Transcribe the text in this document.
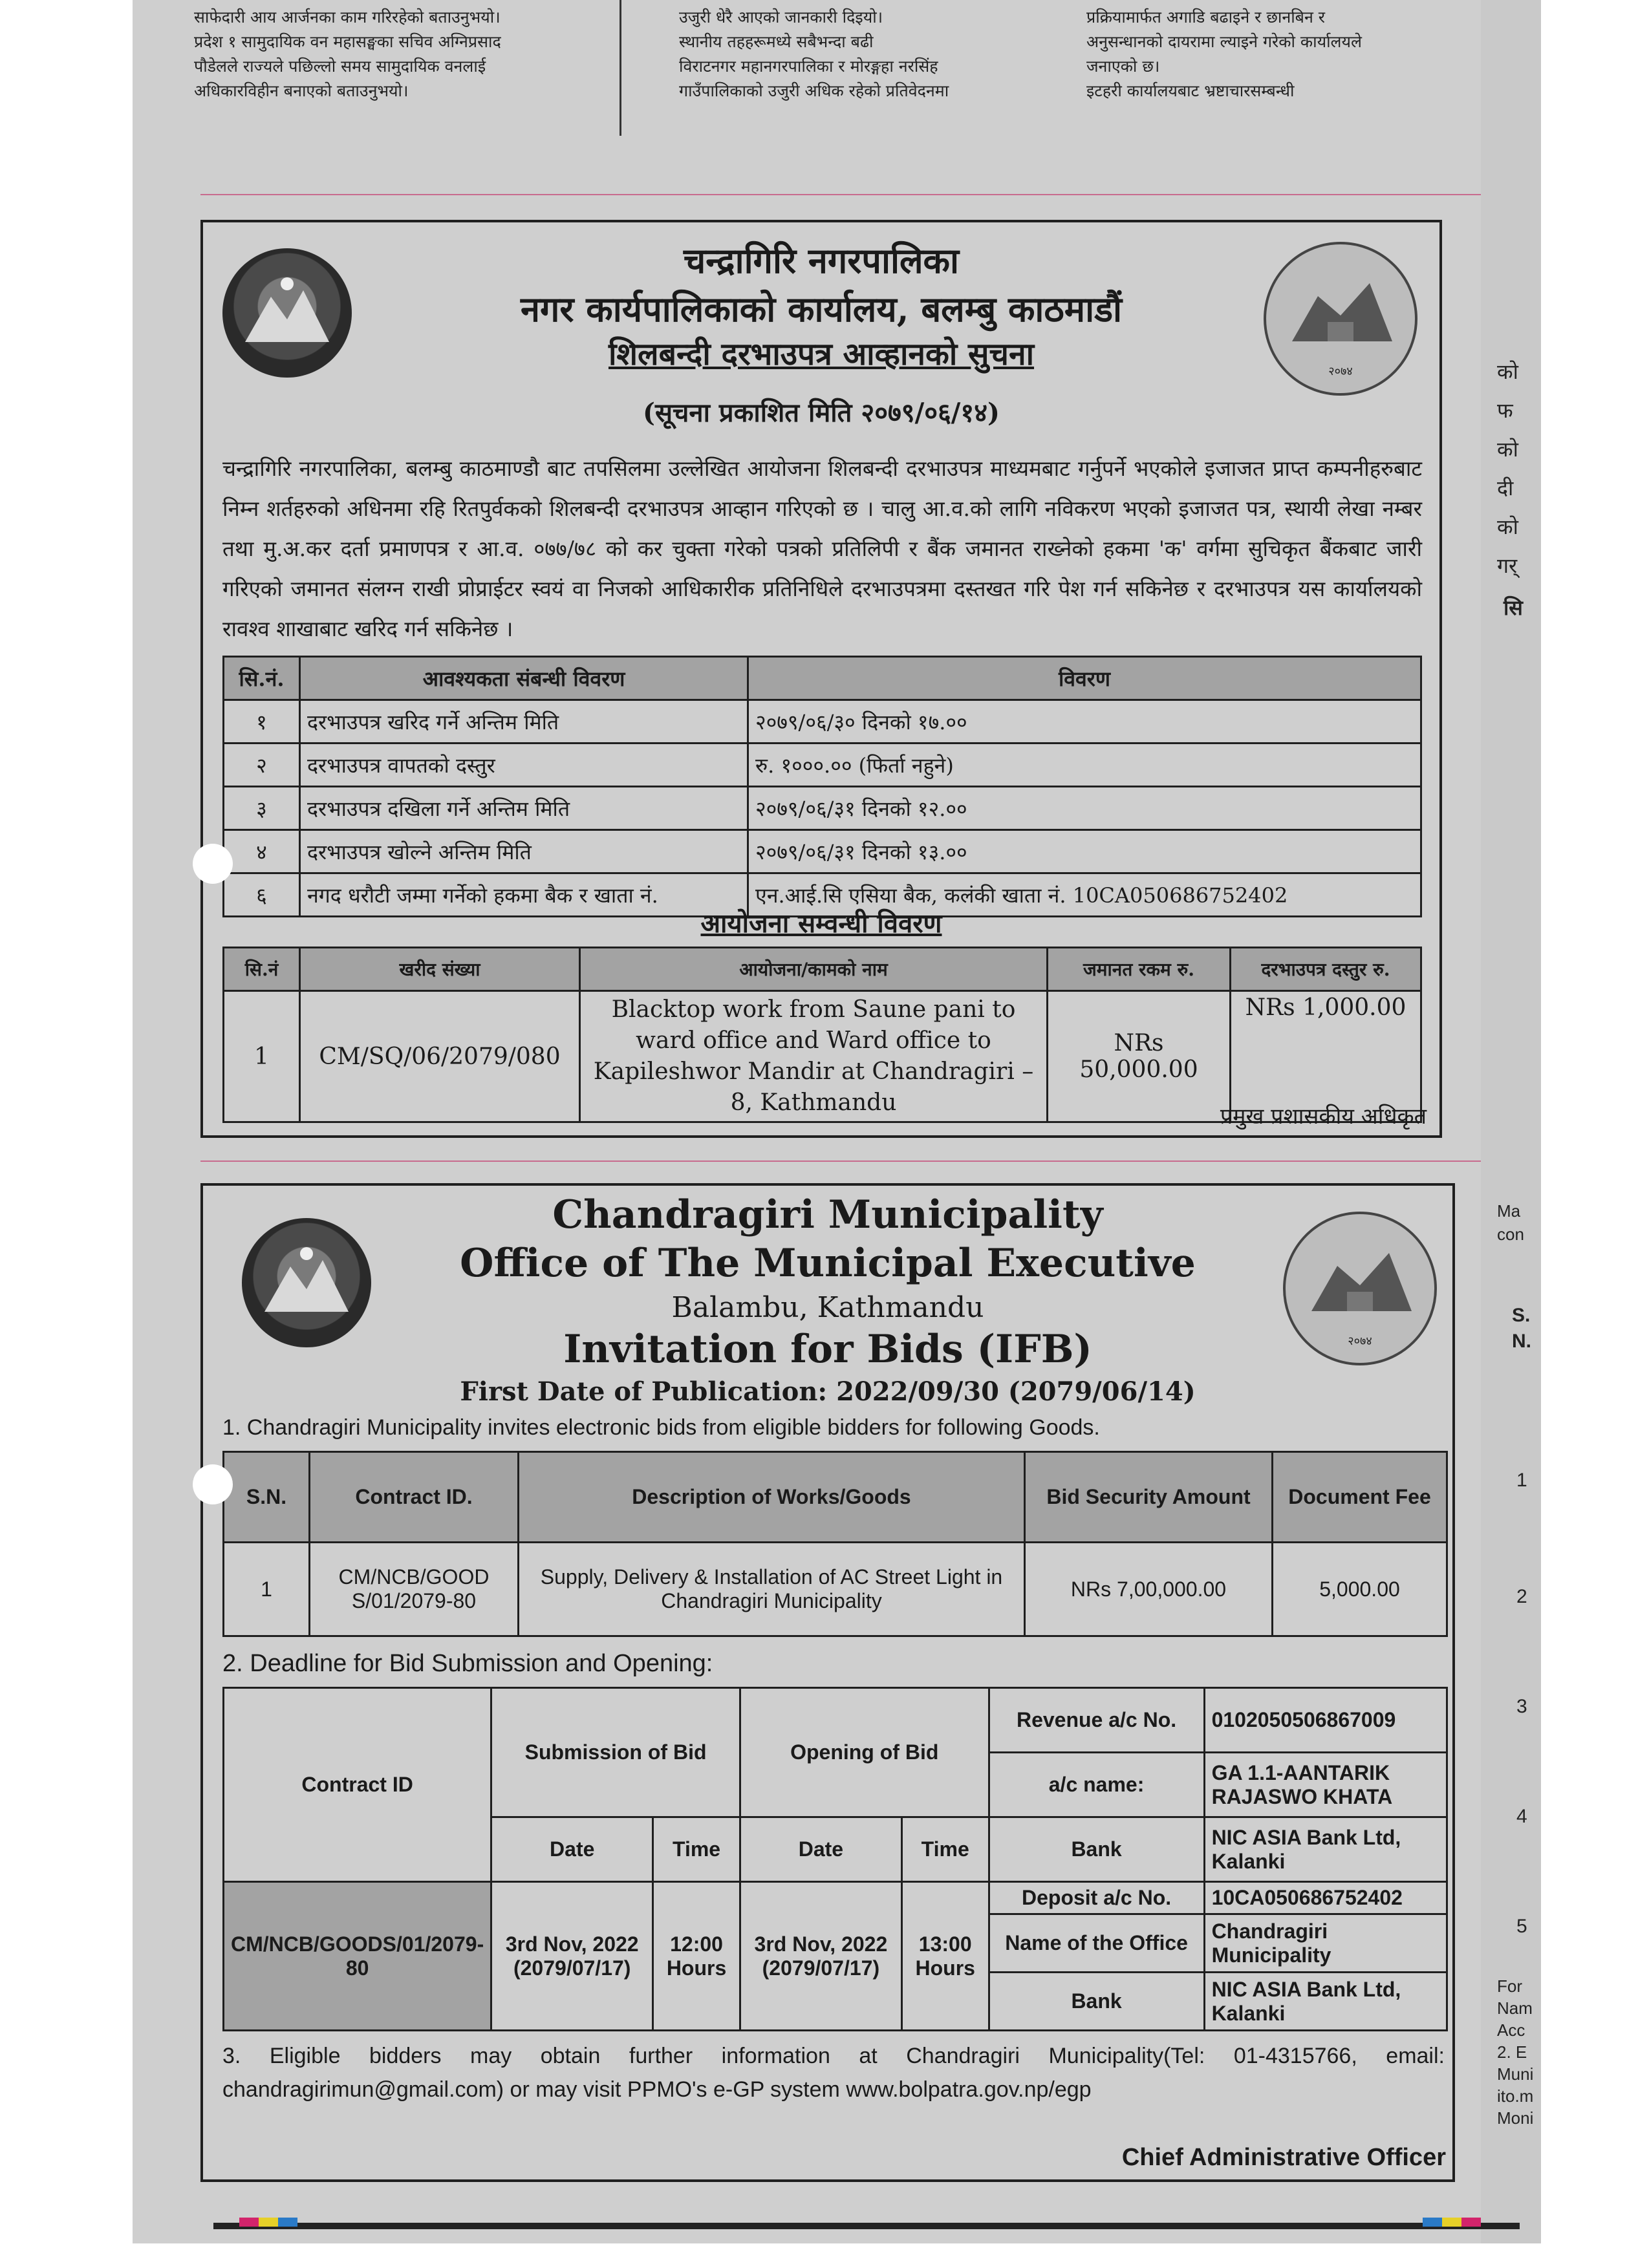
साफेदारी आय आर्जनका काम गरिरहेको बताउनुभयो।
प्रदेश १ सामुदायिक वन महासङ्घका सचिव अग्निप्रसाद
पौडेलले राज्यले पछिल्लो समय सामुदायिक वनलाई
अधिकारविहीन बनाएको बताउनुभयो।
उजुरी धेरै आएको जानकारी दिइयो।
स्थानीय तहहरूमध्ये सबैभन्दा बढी
विराटनगर महानगरपालिका र मोरङ्गहा नरसिंह
गाउँपालिकाको उजुरी अधिक रहेको प्रतिवेदनमा
प्रक्रियामार्फत अगाडि बढाइने र छानबिन र
अनुसन्धानको दायरामा ल्याइने गरेको कार्यालयले
जनाएको छ।
इटहरी कार्यालयबाट भ्रष्टाचारसम्बन्धी
२०७४
चन्द्रागिरि नगरपालिका
नगर कार्यपालिकाको कार्यालय, बलम्बु काठमाडौं
शिलबन्दी दरभाउपत्र आव्हानको सुचना
(सूचना प्रकाशित मिति २०७९/०६/१४)
चन्द्रागिरि नगरपालिका, बलम्बु काठमाण्डौ बाट तपसिलमा उल्लेखित आयोजना शिलबन्दी दरभाउपत्र माध्यमबाट गर्नुपर्ने भएकोले इजाजत प्राप्त कम्पनीहरुबाट निम्न शर्तहरुको अधिनमा रहि रितपुर्वकको शिलबन्दी दरभाउपत्र आव्हान गरिएको छ । चालु आ.व.को लागि नविकरण भएको इजाजत पत्र, स्थायी लेखा नम्बर तथा मु.अ.कर दर्ता प्रमाणपत्र र आ.व. ०७७/७८ को कर चुक्ता गरेको पत्रको प्रतिलिपी र बैंक जमानत राख्नेको हकमा 'क' वर्गमा सुचिकृत बैंकबाट जारी गरिएको जमानत संलग्न राखी प्रोप्राईटर स्वयं वा निजको आधिकारीक प्रतिनिधिले दरभाउपत्रमा दस्तखत गरि पेश गर्न सकिनेछ र दरभाउपत्र यस कार्यालयको रावश्व शाखाबाट खरिद गर्न सकिनेछ ।
सि.नं.	आवश्यकता संबन्धी विवरण	विवरण
१	दरभाउपत्र खरिद गर्ने अन्तिम मिति	२०७९/०६/३० दिनको १७.००
२	दरभाउपत्र वापतको दस्तुर	रु. १०००.०० (फिर्ता नहुने)
३	दरभाउपत्र दखिला गर्ने अन्तिम मिति	२०७९/०६/३१ दिनको १२.००
४	दरभाउपत्र खोल्ने अन्तिम मिति	२०७९/०६/३१ दिनको १३.००
६	नगद धरौटी जम्मा गर्नेको हकमा बैक र खाता नं.	एन.आई.सि एसिया बैक, कलंकी खाता नं. 10CA050686752402
आयोजना सम्वन्धी विवरण
सि.नं	खरीद संख्या	आयोजना/कामको नाम	जमानत रकम रु.	दरभाउपत्र दस्तुर रु.
1	CM/SQ/06/2079/080	Blacktop work from Saune pani to ward office and Ward office to Kapileshwor Mandir at Chandragiri – 8, Kathmandu	NRs 50,000.00	NRs 1,000.00
प्रमुख प्रशासकीय अधिकृत
२०७४
Chandragiri Municipality
Office of The Municipal Executive
Balambu, Kathmandu
Invitation for Bids (IFB)
First Date of Publication: 2022/09/30 (2079/06/14)
1. Chandragiri Municipality invites electronic bids from eligible bidders for following Goods.
S.N.	Contract ID.	Description of Works/Goods	Bid Security Amount	Document Fee
1	CM/NCB/GOOD S/01/2079-80	Supply, Delivery & Installation of AC Street Light in Chandragiri Municipality	NRs 7,00,000.00	5,000.00
2. Deadline for Bid Submission and Opening:
Contract ID	Submission of Bid		Opening of Bid		Revenue a/c No.	0102050506867009
					a/c name:	GA 1.1-AANTARIK RAJASWO KHATA
	Date	Time	Date	Time	Bank	NIC ASIA Bank Ltd, Kalanki
CM/NCB/GOODS/01/2079-80	3rd Nov, 2022 (2079/07/17)	12:00 Hours	3rd Nov, 2022 (2079/07/17)	13:00 Hours	Deposit a/c No.	10CA050686752402
					Name of the Office	Chandragiri Municipality
					Bank	NIC ASIA Bank Ltd, Kalanki
3. Eligible bidders may obtain further information at Chandragiri Municipality(Tel: 01-4315766, email: chandragirimun@gmail.com) or may visit PPMO's e-GP system www.bolpatra.gov.np/egp
Chief Administrative Officer
को
फ
को
दी
को
गर्
सि
Ma
con
S. N.
1
2
3
4
5
For
Nam
Acc
2. E
Muni
ito.m
Moni
